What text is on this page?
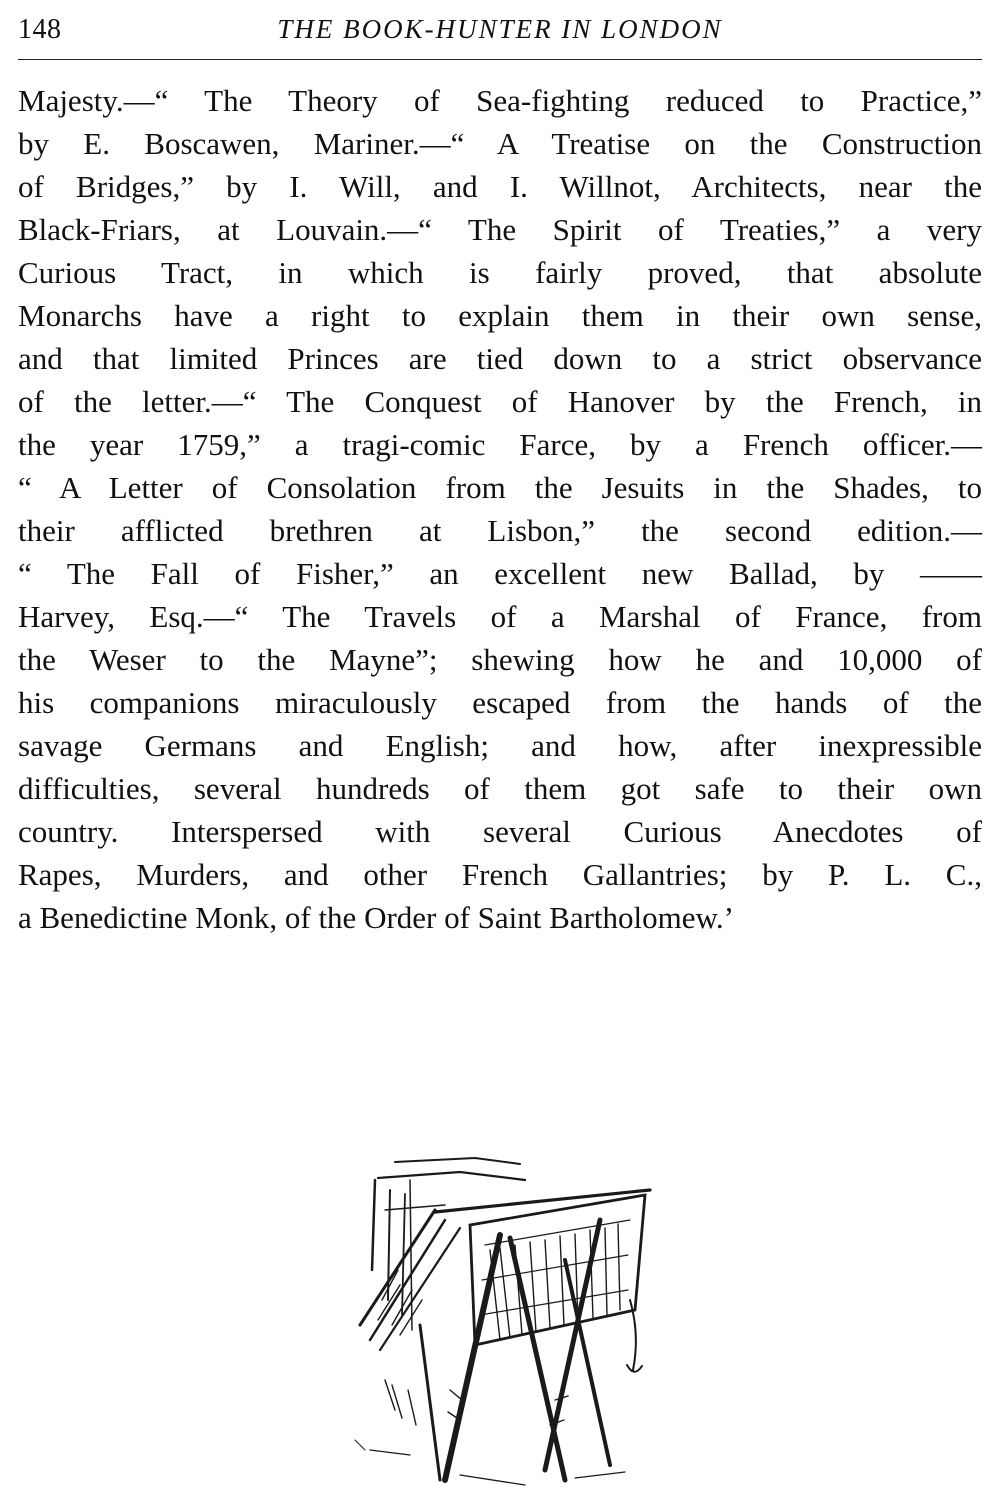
148	THE BOOK-HUNTER IN LONDON
Majesty.—“ The Theory of Sea-fighting reduced to Practice,”
by E. Boscawen, Mariner.—“ A Treatise on the Construction
of Bridges,” by I. Will, and I. Willnot, Architects, near the
Black-Friars, at Louvain.—“ The Spirit of Treaties,” a very
Curious Tract, in which is fairly proved, that absolute
Monarchs have a right to explain them in their own sense,
and that limited Princes are tied down to a strict observance
of the letter.—“ The Conquest of Hanover by the French, in
the year 1759,” a tragi-comic Farce, by a French officer.—
“ A Letter of Consolation from the Jesuits in the Shades, to
their afflicted brethren at Lisbon,” the second edition.—
“ The Fall of Fisher,” an excellent new Ballad, by ——
Harvey, Esq.—“ The Travels of a Marshal of France, from
the Weser to the Mayne”; shewing how he and 10,000 of
his companions miraculously escaped from the hands of the
savage Germans and English; and how, after inexpressible
difficulties, several hundreds of them got safe to their own
country. Interspersed with several Curious Anecdotes of
Rapes, Murders, and other French Gallantries; by P. L. C.,
a Benedictine Monk, of the Order of Saint Bartholomew.’
